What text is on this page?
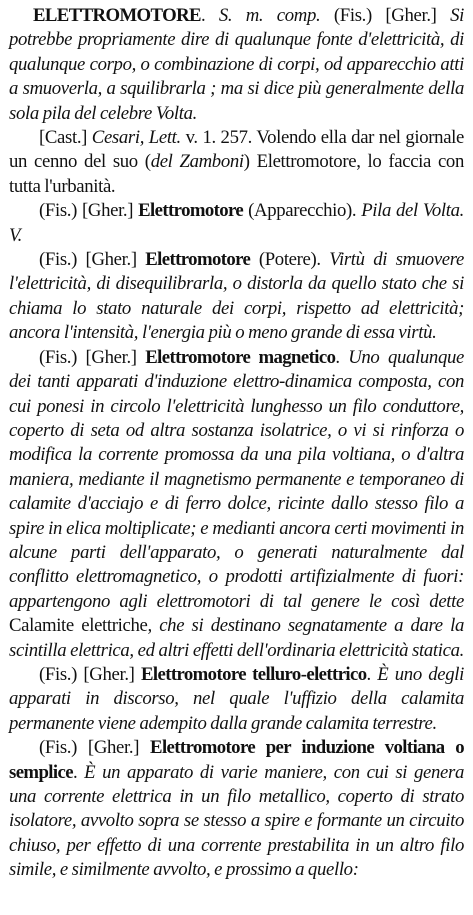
ELETTROMOTORE. S. m. comp. (Fis.) [Gher.] Si potrebbe propriamente dire di qualunque fonte d'elettricità, di qualunque corpo, o combinazione di corpi, od apparecchio atti a smuoverla, a squilibrarla ; ma si dice più generalmente della sola pila del celebre Volta.

[Cast.] Cesari, Lett. v. 1. 257. Volendo ella dar nel giornale un cenno del suo (del Zamboni) Elettromotore, lo faccia con tutta l'urbanità.

(Fis.) [Gher.] Elettromotore (Apparecchio). Pila del Volta. V.

(Fis.) [Gher.] Elettromotore (Potere). Virtù di smuovere l'elettricità, di disequilibrarla, o distorla da quello stato che si chiama lo stato naturale dei corpi, rispetto ad elettricità; ancora l'intensità, l'energia più o meno grande di essa virtù.

(Fis.) [Gher.] Elettromotore magnetico. Uno qualunque dei tanti apparati d'induzione elettro-dinamica composta, con cui ponesi in circolo l'elettricità lunghesso un filo conduttore, coperto di seta od altra sostanza isolatrice, o vi si rinforza o modifica la corrente promossa da una pila voltiana, o d'altra maniera, mediante il magnetismo permanente e temporaneo di calamite d'acciajo e di ferro dolce, ricinte dallo stesso filo a spire in elica moltiplicate; e medianti ancora certi movimenti in alcune parti dell'apparato, o generati naturalmente dal conflitto elettromagnetico, o prodotti artifizialmente di fuori: appartengono agli elettromotori di tal genere le così dette Calamite elettriche, che si destinano segnatamente a dare la scintilla elettrica, ed altri effetti dell'ordinaria elettricità statica.

(Fis.) [Gher.] Elettromotore telluro-elettrico. È uno degli apparati in discorso, nel quale l'uffizio della calamita permanente viene adempito dalla grande calamita terrestre.

(Fis.) [Gher.] Elettromotore per induzione voltiana o semplice. È un apparato di varie maniere, con cui si genera una corrente elettrica in un filo metallico, coperto di strato isolatore, avvolto sopra se stesso a spire e formante un circuito chiuso, per effetto di una corrente prestabilita in un altro filo simile, e similmente avvolto, e prossimo a quello:
